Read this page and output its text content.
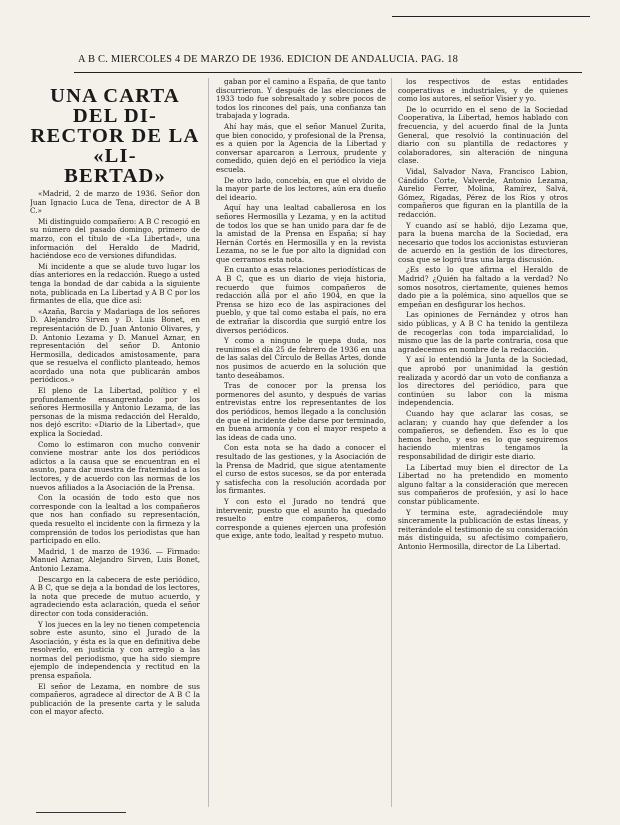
A B C. MIERCOLES 4 DE MARZO DE 1936. EDICION DE ANDALUCIA. PAG. 18
UNA CARTA DEL DI-
RECTOR DE LA «LI-
BERTAD»

«Madrid, 2 de marzo de 1936. Señor don Juan Ignacio Luca de Tena, director de A B C.»

Mi distinguido compañero: A B C recogió en su número del pasado domingo, primero de marzo, con el título de «La Libertad», una información del Heraldo de Madrid, haciéndose eco de versiones difundidas.

Mi incidente a que se alude tuvo lugar los días anteriores en la redacción. Ruego a usted tenga la bondad de dar cabida a la siguiente nota, publicada en La Libertad y A B C por los firmantes de ella, que dice así:

«Azaña, Barcia y Madariaga de los señores D. Alejandro Sirven y D. Luis Bonet, en representación de D. Juan Antonio Olivares, y D. Antonio Lezama y D. Manuel Aznar, en representación del señor D. Antonio Hermosilla, dedicados amistosamente, para que se resuelva el conflicto planteado, hemos acordado una nota que publicarán ambos periódicos.»

El pleno de La Libertad, político y el profundamente ensangrentado por los señores Hermosilla y Antonio Lezama, de las personas de la misma redacción del Heraldo, nos dejó escrito: «Diario de la Libertad», que explica la Sociedad.

Como lo estimaron con mucho convenir conviene mostrar ante los dos periódicos adictos a la causa que se encuentran en el asunto, para dar muestra de fraternidad a los lectores, y de acuerdo con las normas de los nuevos afiliados a la Asociación de la Prensa.

Con la ocasión de todo esto que nos corresponde con la lealtad a los compañeros que nos han confiado su representación, queda resuelto el incidente con la firmeza y la comprensión de todos los periodistas que han participado en ello.

Madrid, 1 de marzo de 1936. — Firmado: Manuel Aznar, Alejandro Sirven, Luis Bonet, Antonio Lezama.

Descargo en la cabecera de este periódico, A B C, que se deja a la bondad de los lectores, la nota que precede de mutuo acuerdo, y agradeciendo esta aclaración, queda el señor director con toda consideración.

Y los jueces en la ley no tienen competencia sobre este asunto, sino el Jurado de la Asociación, y ésta es la que en definitiva debe resolverlo, en justicia y con arreglo a las normas del periodismo, que ha sido siempre ejemplo de independencia y rectitud en la prensa española.

El señor de Lezama, en nombre de sus compañeros, agradece al director de A B C la publicación de la presente carta y le saluda con el mayor afecto.

gaban por el camino a España, de que tanto discurrieron. Y después de las elecciones de 1933 todo fue sobresaltado y sobre pocos de todos los rincones del país, una confianza tan trabajada y lograda.

Ahí hay más, que el señor Manuel Zurita, que bien conocido, y profesional de la Prensa, es a quien por la Agencia de la Libertad y conversar aparcaron a Lerroux, prudente y comedido, quien dejó en el periódico la vieja escuela.

De otro lado, concebía, en que el olvido de la mayor parte de los lectores, aún era dueño del ideario.

Aquí hay una lealtad caballerosa en los señores Hermosilla y Lezama, y en la actitud de todos los que se han unido para dar fe de la amistad de la Prensa en España; sí hay Hernán Cortés en Hermosilla y en la revista Lezama, no se le fue por alto la dignidad con que cerramos esta nota.

En cuanto a esas relaciones periodísticas de A B C, que es un diario de vieja historia, recuerdo que fuimos compañeros de redacción allá por el año 1904, en que la Prensa se hizo eco de las aspiraciones del pueblo, y que tal como estaba el país, no era de extrañar la discordia que surgió entre los diversos periódicos.

Y como a ninguno le quepa duda, nos reunimos el día 25 de febrero de 1936 en una de las salas del Círculo de Bellas Artes, donde nos pusimos de acuerdo en la solución que tanto deseábamos.

Tras de conocer por la prensa los pormenores del asunto, y después de varias entrevistas entre los representantes de los dos periódicos, hemos llegado a la conclusión de que el incidente debe darse por terminado, en buena armonía y con el mayor respeto a las ideas de cada uno.

Con esta nota se ha dado a conocer el resultado de las gestiones, y la Asociación de la Prensa de Madrid, que sigue atentamente el curso de estos sucesos, se da por enterada y satisfecha con la resolución acordada por los firmantes.

Y con esto el Jurado no tendrá que intervenir, puesto que el asunto ha quedado resuelto entre compañeros, como corresponde a quienes ejercen una profesión que exige, ante todo, lealtad y respeto mutuo.

los respectivos de estas entidades cooperativas e industriales, y de quienes como los autores, el señor Visier y yo.

De lo ocurrido en el seno de la Sociedad Cooperativa, la Libertad, hemos hablado con frecuencia, y del acuerdo final de la Junta General, que resolvió la continuación del diario con su plantilla de redactores y colaboradores, sin alteración de ninguna clase.

Vidal, Salvador Nava, Francisco Labion, Cándido Corte, Valverde, Antonio Lezama, Aurelio Ferrer, Molina, Ramírez, Salvá, Gómez, Rigadas, Pérez de los Ríos y otros compañeros que figuran en la plantilla de la redacción.

Y cuando así se habló, dijo Lezama que, para la buena marcha de la Sociedad, era necesario que todos los accionistas estuvieran de acuerdo en la gestión de los directores, cosa que se logró tras una larga discusión.

¿Es esto lo que afirma el Heraldo de Madrid? ¿Quién ha faltado a la verdad? No somos nosotros, ciertamente, quienes hemos dado pie a la polémica, sino aquellos que se empeñan en desfigurar los hechos.

Las opiniones de Fernández y otros han sido públicas, y A B C ha tenido la gentileza de recogerlas con toda imparcialidad, lo mismo que las de la parte contraria, cosa que agradecemos en nombre de la redacción.

Y así lo entendió la Junta de la Sociedad, que aprobó por unanimidad la gestión realizada y acordó dar un voto de confianza a los directores del periódico, para que continúen su labor con la misma independencia.

Cuando hay que aclarar las cosas, se aclaran; y cuando hay que defender a los compañeros, se defienden. Eso es lo que hemos hecho, y eso es lo que seguiremos haciendo mientras tengamos la responsabilidad de dirigir este diario.

La Libertad muy bien el director de La Libertad no ha pretendido en momento alguno faltar a la consideración que merecen sus compañeros de profesión, y así lo hace constar públicamente.

Y termina este, agradeciéndole muy sinceramente la publicación de estas líneas, y reiterándole el testimonio de su consideración más distinguida, su afectísimo compañero, Antonio Hermosilla, director de La Libertad.
